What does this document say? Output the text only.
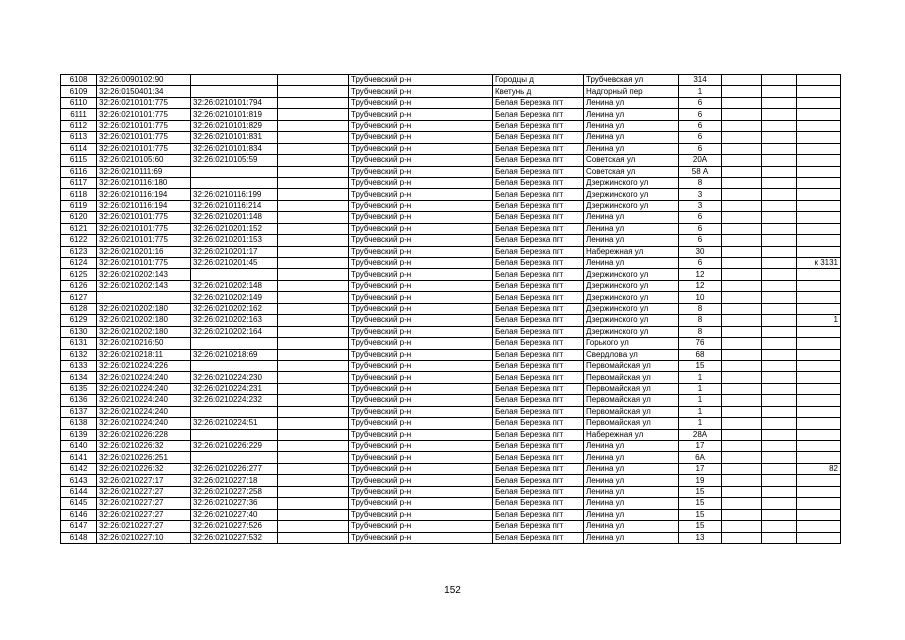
6108	32:26:0090102:90			Трубчевский р-н	Городцы д	Трубчевская ул	314			
6109	32:26:0150401:34			Трубчевский р-н	Кветунь д	Надгорный пер	1			
6110	32:26:0210101:775	32:26:0210101:794		Трубчевский р-н	Белая Березка пгт	Ленина ул	6			
6111	32:26:0210101:775	32:26:0210101:819		Трубчевский р-н	Белая Березка пгт	Ленина ул	6			
6112	32:26:0210101:775	32:26:0210101:829		Трубчевский р-н	Белая Березка пгт	Ленина ул	6			
6113	32:26:0210101:775	32:26:0210101:831		Трубчевский р-н	Белая Березка пгт	Ленина ул	6			
6114	32:26:0210101:775	32:26:0210101:834		Трубчевский р-н	Белая Березка пгт	Ленина ул	6			
6115	32:26:0210105:60	32:26:0210105:59		Трубчевский р-н	Белая Березка пгт	Советская ул	20А			
6116	32:26:0210111:69			Трубчевский р-н	Белая Березка пгт	Советская ул	58 А			
6117	32:26:0210116:180			Трубчевский р-н	Белая Березка пгт	Дзержинского ул	8			
6118	32:26:0210116:194	32:26:0210116:199		Трубчевский р-н	Белая Березка пгт	Дзержинского ул	3			
6119	32:26:0210116:194	32:26:0210116:214		Трубчевский р-н	Белая Березка пгт	Дзержинского ул	3			
6120	32:26:0210101:775	32:26:0210201:148		Трубчевский р-н	Белая Березка пгт	Ленина ул	6			
6121	32:26:0210101:775	32:26:0210201:152		Трубчевский р-н	Белая Березка пгт	Ленина ул	6			
6122	32:26:0210101:775	32:26:0210201:153		Трубчевский р-н	Белая Березка пгт	Ленина ул	6			
6123	32:26:0210201:16	32:26:0210201:17		Трубчевский р-н	Белая Березка пгт	Набережная ул	30			
6124	32:26:0210101:775	32:26:0210201:45		Трубчевский р-н	Белая Березка пгт	Ленина ул	6			к 3131
6125	32:26:0210202:143			Трубчевский р-н	Белая Березка пгт	Дзержинского ул	12			
6126	32:26:0210202:143	32:26:0210202:148		Трубчевский р-н	Белая Березка пгт	Дзержинского ул	12			
6127		32:26:0210202:149		Трубчевский р-н	Белая Березка пгт	Дзержинского ул	10			
6128	32:26:0210202:180	32:26:0210202:162		Трубчевский р-н	Белая Березка пгт	Дзержинского ул	8			
6129	32:26:0210202:180	32:26:0210202:163		Трубчевский р-н	Белая Березка пгт	Дзержинского ул	8			1
6130	32:26:0210202:180	32:26:0210202:164		Трубчевский р-н	Белая Березка пгт	Дзержинского ул	8			
6131	32:26:0210216:50			Трубчевский р-н	Белая Березка пгт	Горького ул	76			
6132	32:26:0210218:11	32:26:0210218:69		Трубчевский р-н	Белая Березка пгт	Свердлова ул	68			
6133	32:26:0210224:226			Трубчевский р-н	Белая Березка пгт	Первомайская ул	15			
6134	32:26:0210224:240	32:26:0210224:230		Трубчевский р-н	Белая Березка пгт	Первомайская ул	1			
6135	32:26:0210224:240	32:26:0210224:231		Трубчевский р-н	Белая Березка пгт	Первомайская ул	1			
6136	32:26:0210224:240	32:26:0210224:232		Трубчевский р-н	Белая Березка пгт	Первомайская ул	1			
6137	32:26:0210224:240			Трубчевский р-н	Белая Березка пгт	Первомайская ул	1			
6138	32:26:0210224:240	32:26:0210224:51		Трубчевский р-н	Белая Березка пгт	Первомайская ул	1			
6139	32:26:0210226:228			Трубчевский р-н	Белая Березка пгт	Набережная ул	28А			
6140	32:26:0210226:32	32:26:0210226:229		Трубчевский р-н	Белая Березка пгт	Ленина ул	17			
6141	32:26:0210226:251			Трубчевский р-н	Белая Березка пгт	Ленина ул	6А			
6142	32:26:0210226:32	32:26:0210226:277		Трубчевский р-н	Белая Березка пгт	Ленина ул	17			82
6143	32:26:0210227:17	32:26:0210227:18		Трубчевский р-н	Белая Березка пгт	Ленина ул	19			
6144	32:26:0210227:27	32:26:0210227:258		Трубчевский р-н	Белая Березка пгт	Ленина ул	15			
6145	32:26:0210227:27	32:26:0210227:36		Трубчевский р-н	Белая Березка пгт	Ленина ул	15			
6146	32:26:0210227:27	32:26:0210227:40		Трубчевский р-н	Белая Березка пгт	Ленина ул	15			
6147	32:26:0210227:27	32:26:0210227:526		Трубчевский р-н	Белая Березка пгт	Ленина ул	15			
6148	32:26:0210227:10	32:26:0210227:532		Трубчевский р-н	Белая Березка пгт	Ленина ул	13			
152
